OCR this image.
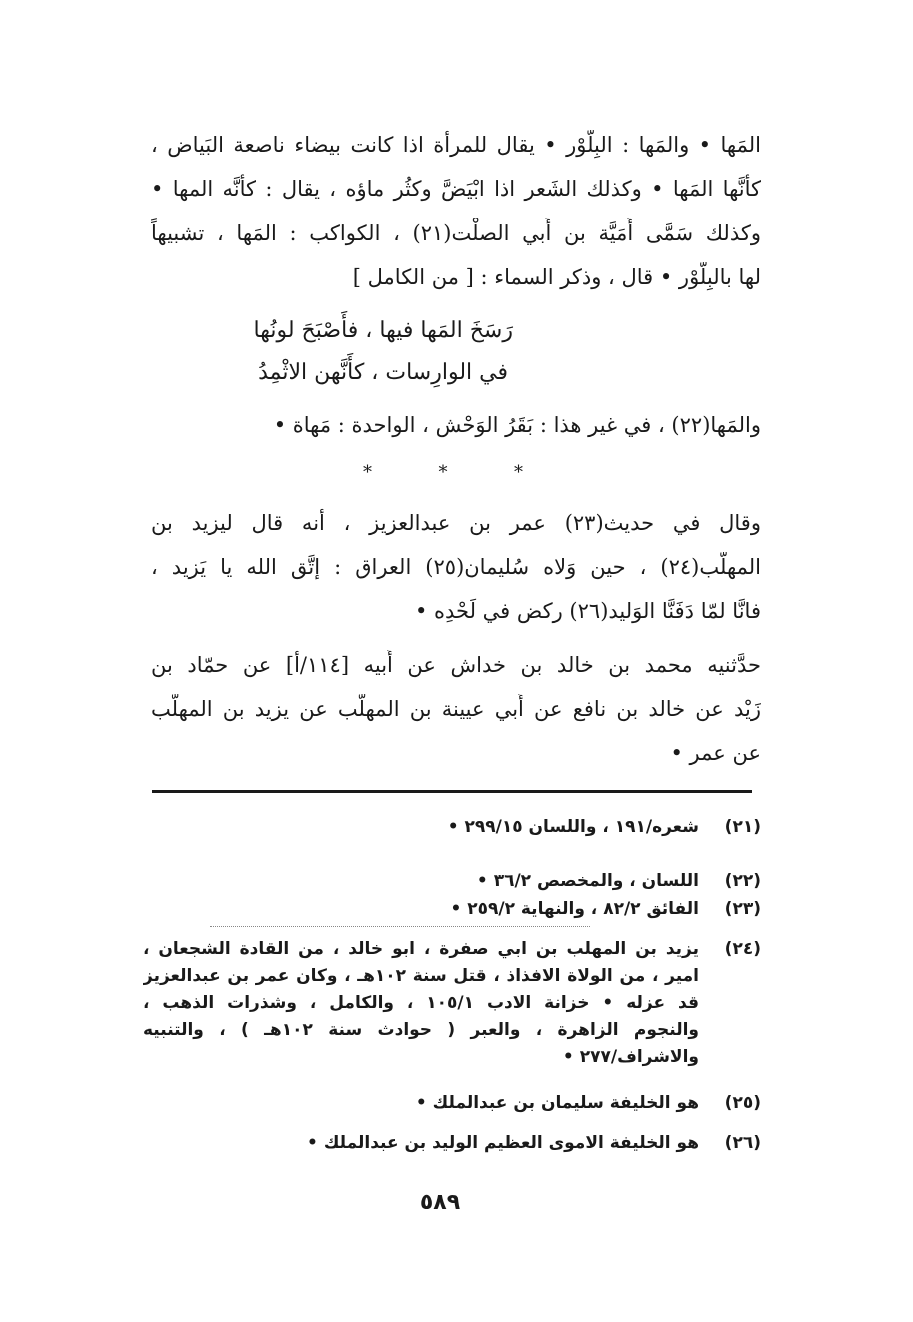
المَها • والمَها : البِلَّوْر • يقال للمرأة اذا كانت بيضاء ناصعة البَياض ،
كأنَّها المَها • وكذلك الشَعر اذا ابْيَضَّ وكثُر ماؤه ، يقال : كأنَّه المها •
وكذلك سَمَّى أُمَيَّة بن أَبي الصلْت(٢١) ، الكواكب : المَها ، تشبيهاً
لها بالبِلَّوْر • قال ، وذكر السماء : [ من الكامل ]
رَسَخَ المَها فيها ، فأَصْبَحَ لونُها
في الوارِسات ، كأَنَّهن الاثْمِدُ
والمَها(٢٢) ، في غير هذا : بَقَرُ الوَحْش ، الواحدة : مَهاة •
*	*	*
وقال في حديث(٢٣) عمر بن عبدالعزيز ، أنه قال ليزيد بن
المهلَّب(٢٤) ، حين وَلاه سُليمان(٢٥) العراق : إتَّق الله يا يَزيد ،
فانَّا لمّا دَفَنَّا الوَليد(٢٦) ركض في لَحْدِه •
حدَّثنيه محمد بن خالد بن خداش عن أَبيه [١١٤/أ] عن حمّاد بن
زَيْد عن خالد بن نافع عن أَبي عيينة بن المهلَّب عن يزيد بن المهلَّب
عن عمر •
(٢١)
شعره/١٩١ ، واللسان ٢٩٩/١٥ •
(٢٢)
اللسان ، والمخصص ٣٦/٢ •
(٢٣)
الفائق ٨٢/٢ ، والنهاية ٢٥٩/٢ •
(٢٤)
يزيد بن المهلب بن ابي صفرة ، ابو خالد ، من القادة الشجعان ،
امير ، من الولاة الافذاذ ، قتل سنة ١٠٢هـ ، وكان عمر بن عبدالعزيز
قد عزله • خزانة الادب ١٠٥/١ ، والكامل ، وشذرات الذهب ،
والنجوم الزاهرة ، والعبر ( حوادث سنة ١٠٢هـ ) ، والتنبيه
والاشراف/٢٧٧ •
(٢٥)
هو الخليفة سليمان بن عبدالملك •
(٢٦)
هو الخليفة الاموى العظيم الوليد بن عبدالملك •
٥٨٩
